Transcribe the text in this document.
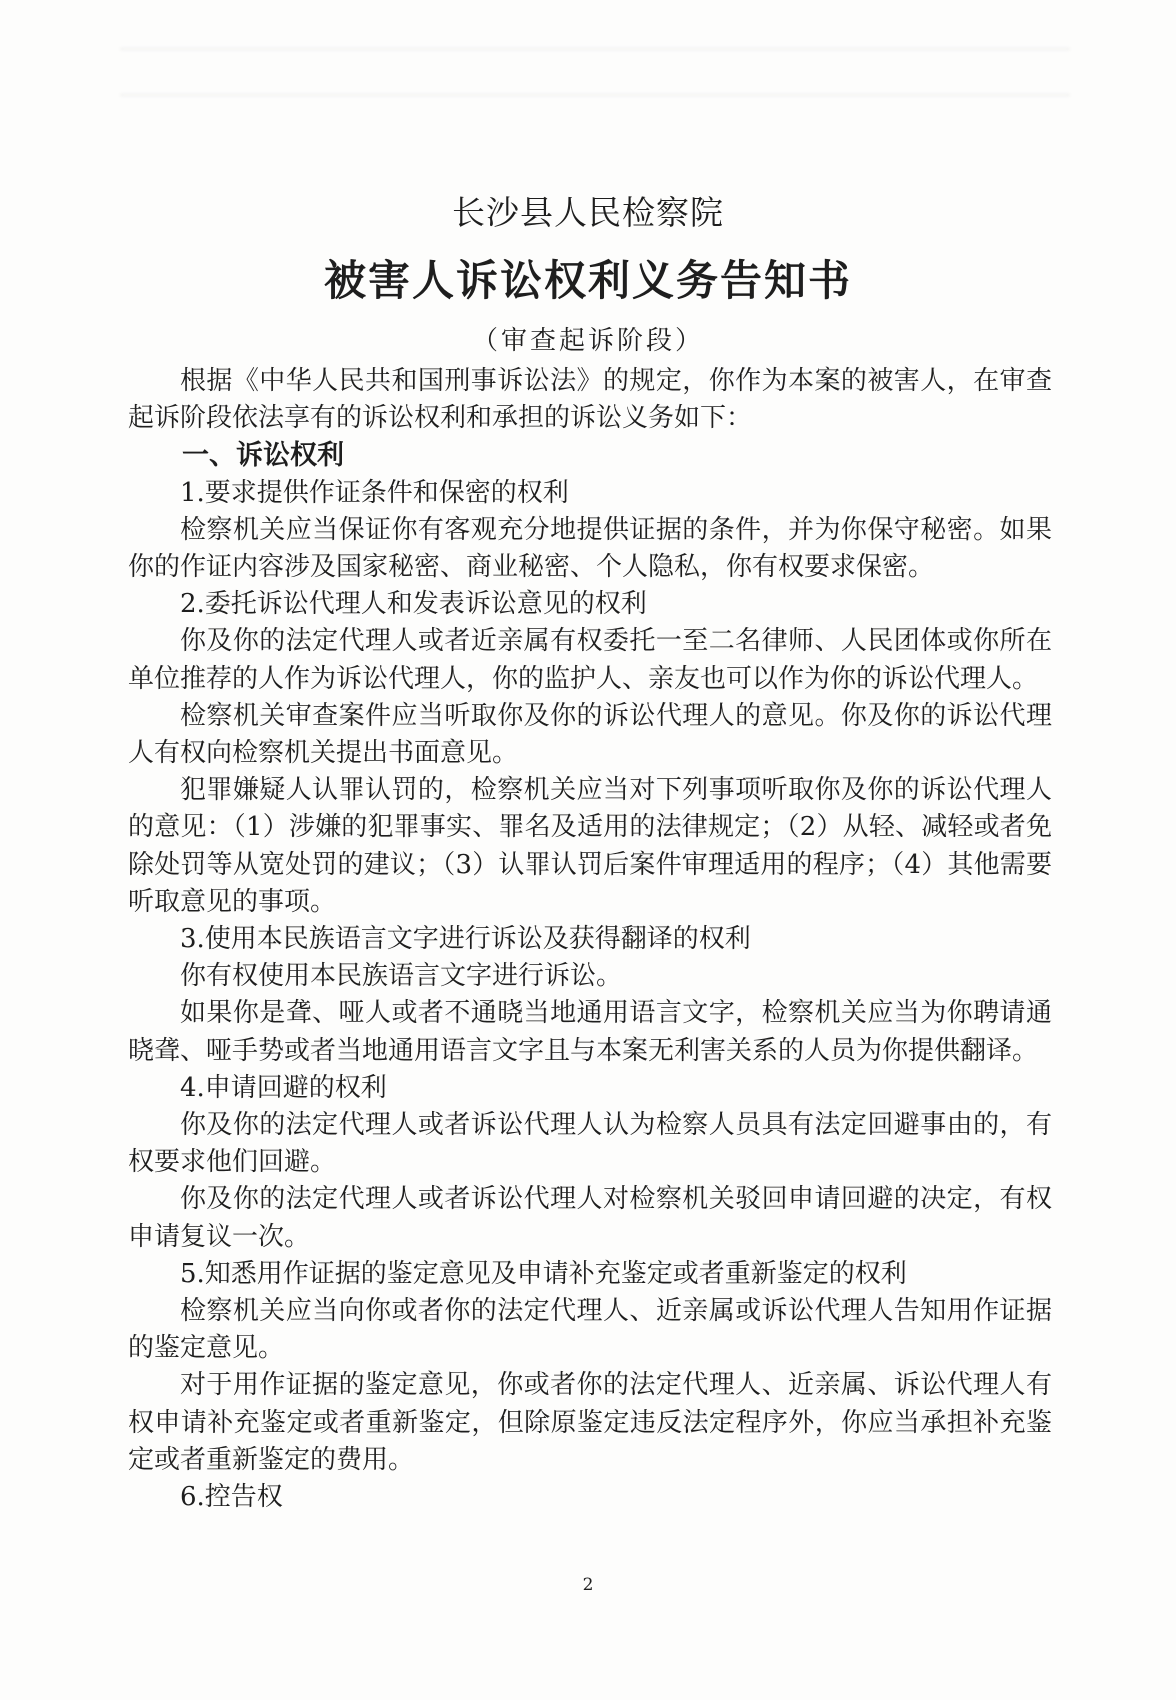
长沙县人民检察院
被害人诉讼权利义务告知书
（审查起诉阶段）

根据《中华人民共和国刑事诉讼法》的规定，你作为本案的被害人，在审查起诉阶段依法享有的诉讼权利和承担的诉讼义务如下：

一、诉讼权利

1.要求提供作证条件和保密的权利

检察机关应当保证你有客观充分地提供证据的条件，并为你保守秘密。如果你的作证内容涉及国家秘密、商业秘密、个人隐私，你有权要求保密。

2.委托诉讼代理人和发表诉讼意见的权利

你及你的法定代理人或者近亲属有权委托一至二名律师、人民团体或你所在单位推荐的人作为诉讼代理人，你的监护人、亲友也可以作为你的诉讼代理人。

检察机关审查案件应当听取你及你的诉讼代理人的意见。你及你的诉讼代理人有权向检察机关提出书面意见。

犯罪嫌疑人认罪认罚的，检察机关应当对下列事项听取你及你的诉讼代理人的意见：（1）涉嫌的犯罪事实、罪名及适用的法律规定；（2）从轻、减轻或者免除处罚等从宽处罚的建议；（3）认罪认罚后案件审理适用的程序；（4）其他需要听取意见的事项。

3.使用本民族语言文字进行诉讼及获得翻译的权利

你有权使用本民族语言文字进行诉讼。

如果你是聋、哑人或者不通晓当地通用语言文字，检察机关应当为你聘请通晓聋、哑手势或者当地通用语言文字且与本案无利害关系的人员为你提供翻译。

4.申请回避的权利

你及你的法定代理人或者诉讼代理人认为检察人员具有法定回避事由的，有权要求他们回避。

你及你的法定代理人或者诉讼代理人对检察机关驳回申请回避的决定，有权申请复议一次。

5.知悉用作证据的鉴定意见及申请补充鉴定或者重新鉴定的权利

检察机关应当向你或者你的法定代理人、近亲属或诉讼代理人告知用作证据的鉴定意见。

对于用作证据的鉴定意见，你或者你的法定代理人、近亲属、诉讼代理人有权申请补充鉴定或者重新鉴定，但除原鉴定违反法定程序外，你应当承担补充鉴定或者重新鉴定的费用。

6.控告权

2
